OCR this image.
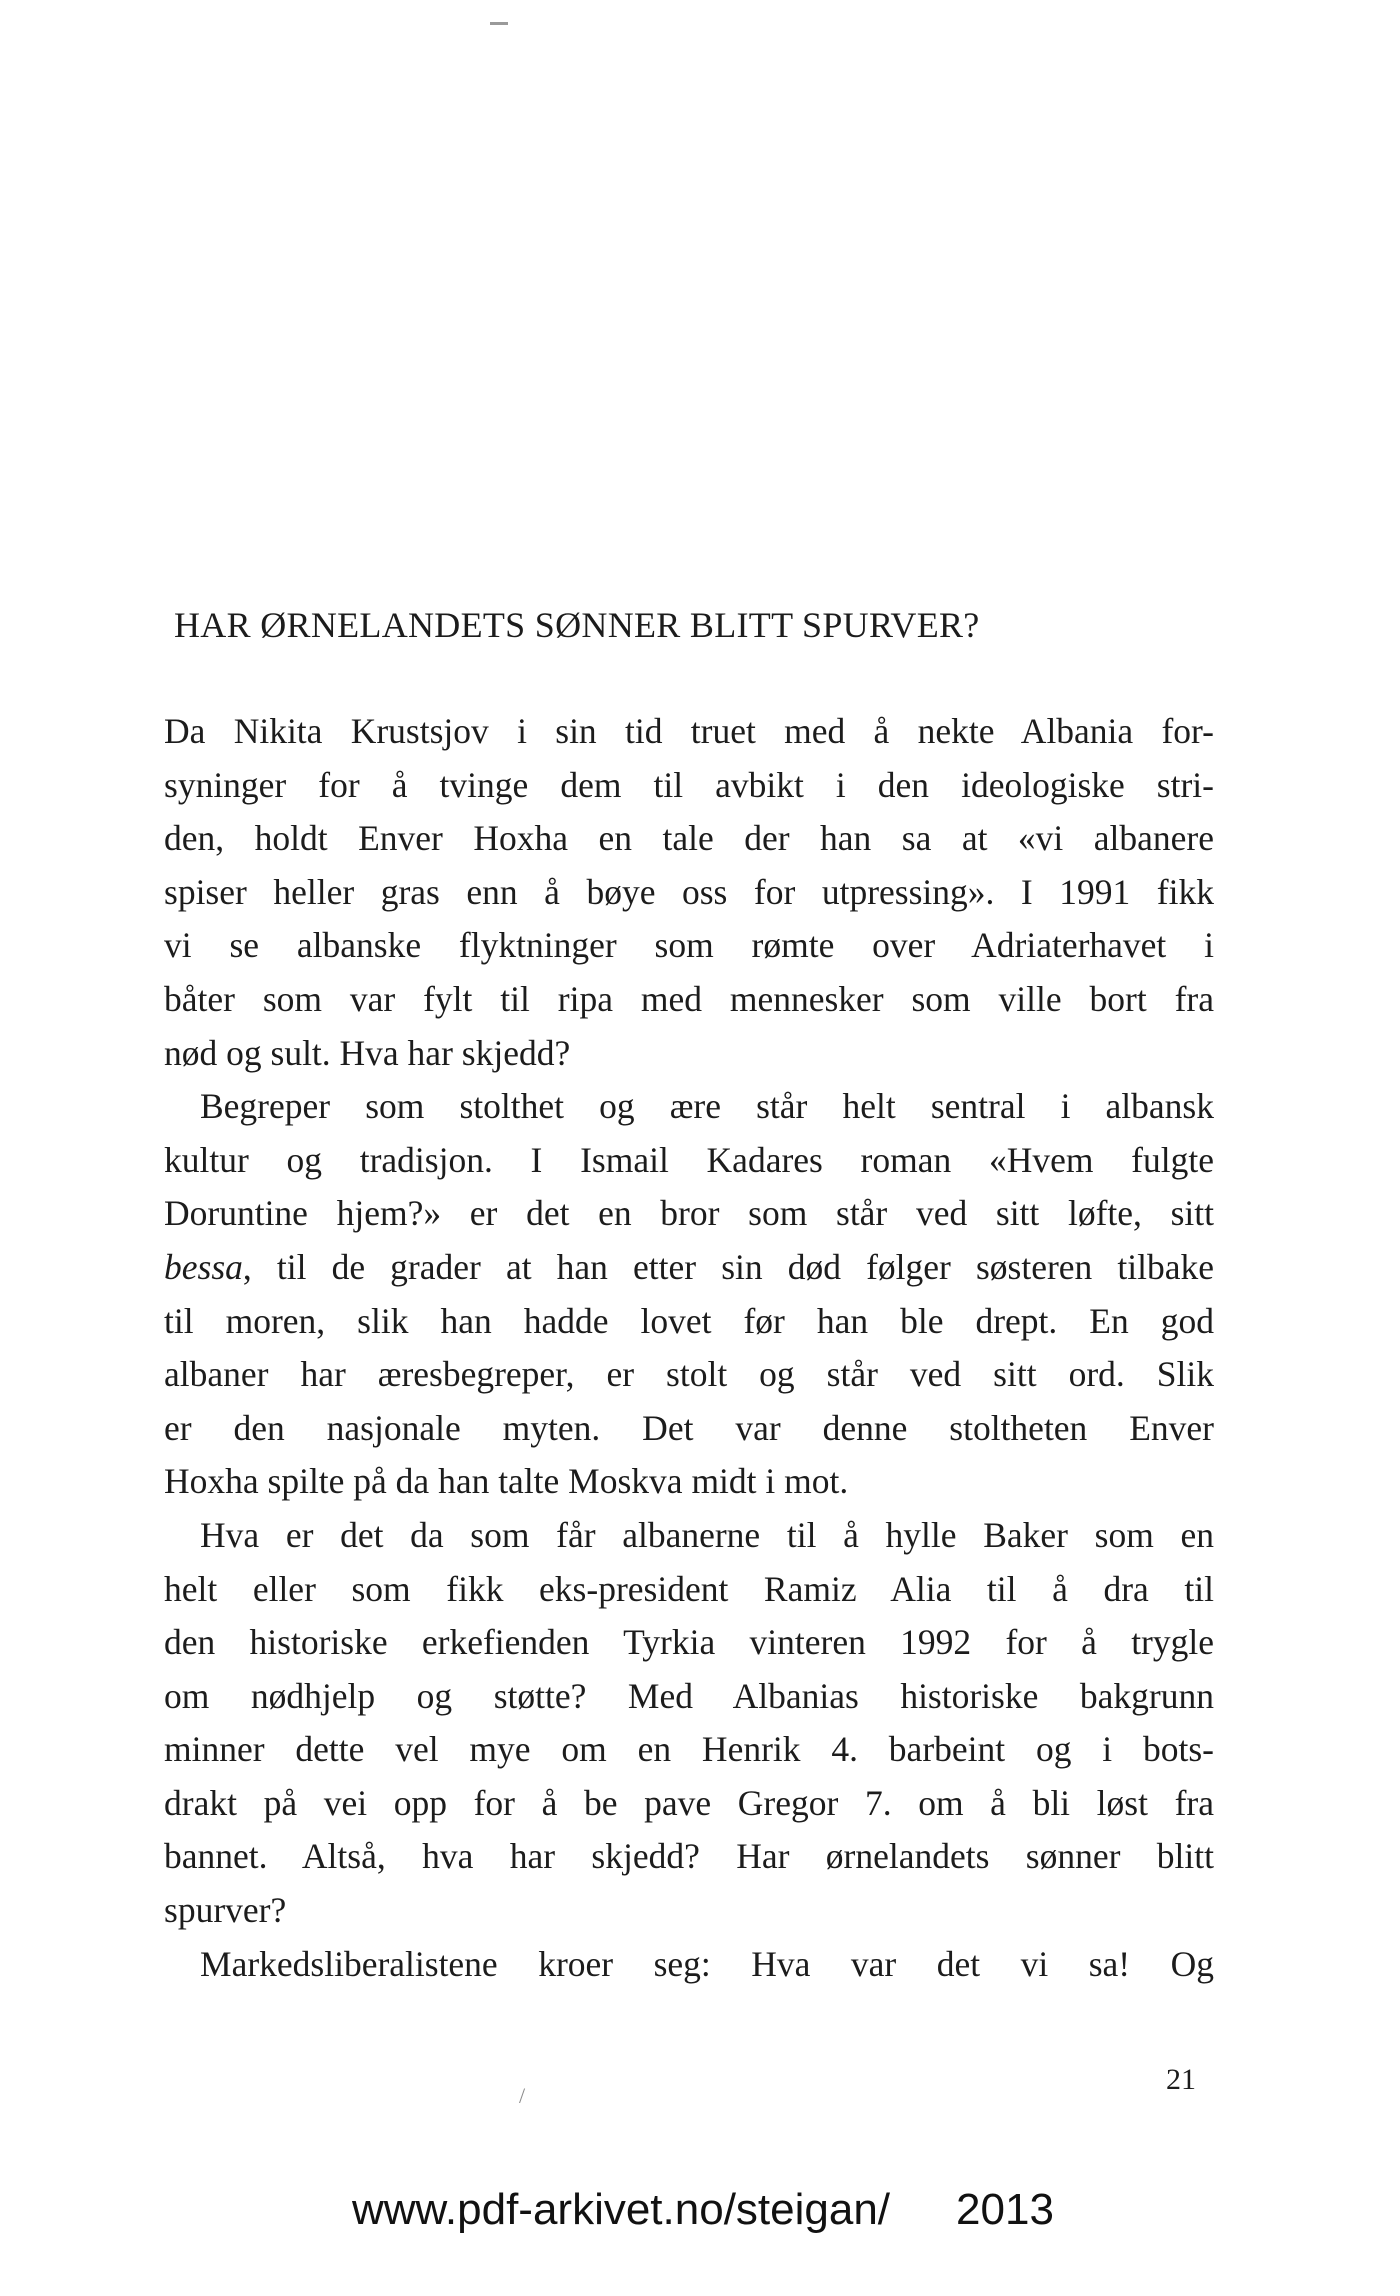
HAR ØRNELANDETS SØNNER BLITT SPURVER?
Da Nikita Krustsjov i sin tid truet med å nekte Albania for-
syninger for å tvinge dem til avbikt i den ideologiske stri-
den, holdt Enver Hoxha en tale der han sa at «vi albanere
spiser heller gras enn å bøye oss for utpressing». I 1991 fikk
vi se albanske flyktninger som rømte over Adriaterhavet i
båter som var fylt til ripa med mennesker som ville bort fra
nød og sult. Hva har skjedd?
Begreper som stolthet og ære står helt sentral i albansk
kultur og tradisjon. I Ismail Kadares roman «Hvem fulgte
Doruntine hjem?» er det en bror som står ved sitt løfte, sitt
bessa, til de grader at han etter sin død følger søsteren tilbake
til moren, slik han hadde lovet før han ble drept. En god
albaner har æresbegreper, er stolt og står ved sitt ord. Slik
er den nasjonale myten. Det var denne stoltheten Enver
Hoxha spilte på da han talte Moskva midt i mot.
Hva er det da som får albanerne til å hylle Baker som en
helt eller som fikk eks-president Ramiz Alia til å dra til
den historiske erkefienden Tyrkia vinteren 1992 for å trygle
om nødhjelp og støtte? Med Albanias historiske bakgrunn
minner dette vel mye om en Henrik 4. barbeint og i bots-
drakt på vei opp for å be pave Gregor 7. om å bli løst fra
bannet. Altså, hva har skjedd? Har ørnelandets sønner blitt
spurver?
Markedsliberalistene kroer seg: Hva var det vi sa! Og
/	21
www.pdf-arkivet.no/steigan/ 2013
